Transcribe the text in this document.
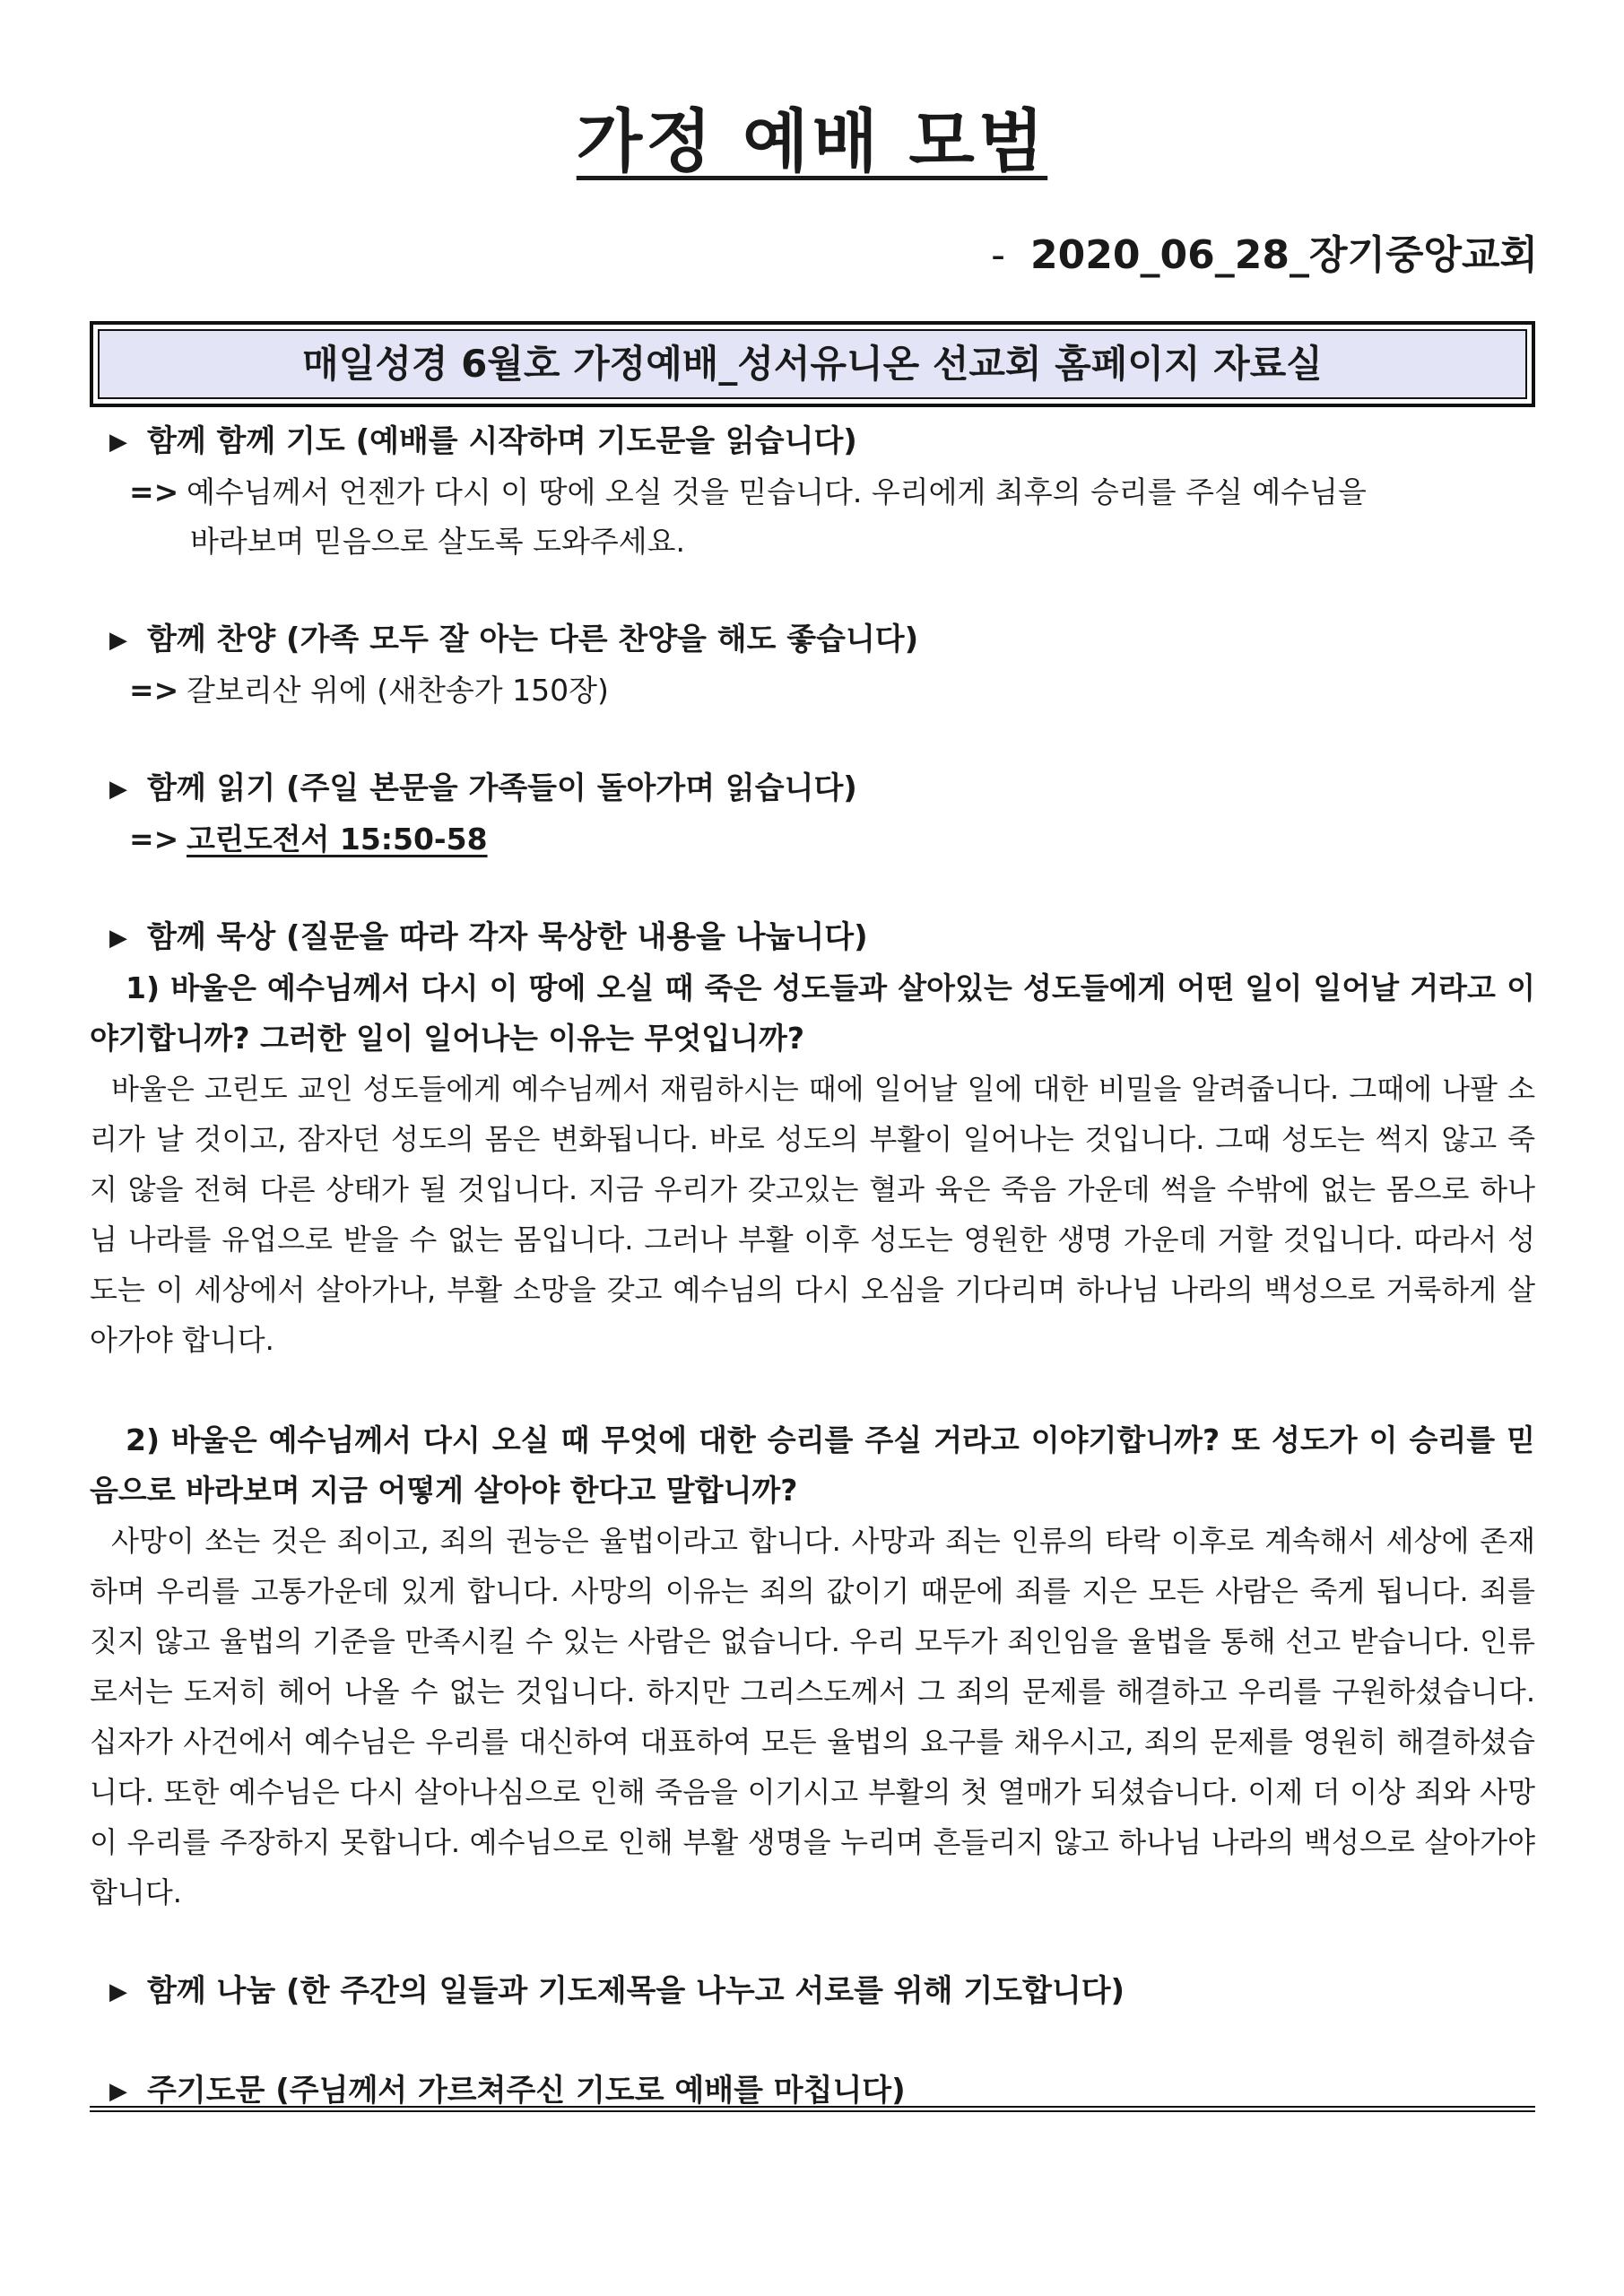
가정 예배 모범
- 2020_06_28_장기중앙교회
매일성경 6월호 가정예배_성서유니온 선교회 홈페이지 자료실
▶ 함께 함께 기도 (예배를 시작하며 기도문을 읽습니다)
=> 예수님께서 언젠가 다시 이 땅에 오실 것을 믿습니다. 우리에게 최후의 승리를 주실 예수님을
바라보며 믿음으로 살도록 도와주세요.
▶ 함께 찬양 (가족 모두 잘 아는 다른 찬양을 해도 좋습니다)
=> 갈보리산 위에 (새찬송가 150장)
▶ 함께 읽기 (주일 본문을 가족들이 돌아가며 읽습니다)
=> 고린도전서 15:50-58
▶ 함께 묵상 (질문을 따라 각자 묵상한 내용을 나눕니다)
1) 바울은 예수님께서 다시 이 땅에 오실 때 죽은 성도들과 살아있는 성도들에게 어떤 일이 일어날 거라고 이야기합니까? 그러한 일이 일어나는 이유는 무엇입니까?
바울은 고린도 교인 성도들에게 예수님께서 재림하시는 때에 일어날 일에 대한 비밀을 알려줍니다. 그때에 나팔 소리가 날 것이고, 잠자던 성도의 몸은 변화됩니다. 바로 성도의 부활이 일어나는 것입니다. 그때 성도는 썩지 않고 죽지 않을 전혀 다른 상태가 될 것입니다. 지금 우리가 갖고있는 혈과 육은 죽음 가운데 썩을 수밖에 없는 몸으로 하나님 나라를 유업으로 받을 수 없는 몸입니다. 그러나 부활 이후 성도는 영원한 생명 가운데 거할 것입니다. 따라서 성도는 이 세상에서 살아가나, 부활 소망을 갖고 예수님의 다시 오심을 기다리며 하나님 나라의 백성으로 거룩하게 살아가야 합니다.
2) 바울은 예수님께서 다시 오실 때 무엇에 대한 승리를 주실 거라고 이야기합니까? 또 성도가 이 승리를 믿음으로 바라보며 지금 어떻게 살아야 한다고 말합니까?
사망이 쏘는 것은 죄이고, 죄의 권능은 율법이라고 합니다. 사망과 죄는 인류의 타락 이후로 계속해서 세상에 존재하며 우리를 고통가운데 있게 합니다. 사망의 이유는 죄의 값이기 때문에 죄를 지은 모든 사람은 죽게 됩니다. 죄를 짓지 않고 율법의 기준을 만족시킬 수 있는 사람은 없습니다. 우리 모두가 죄인임을 율법을 통해 선고 받습니다. 인류로서는 도저히 헤어 나올 수 없는 것입니다. 하지만 그리스도께서 그 죄의 문제를 해결하고 우리를 구원하셨습니다. 십자가 사건에서 예수님은 우리를 대신하여 대표하여 모든 율법의 요구를 채우시고, 죄의 문제를 영원히 해결하셨습니다. 또한 예수님은 다시 살아나심으로 인해 죽음을 이기시고 부활의 첫 열매가 되셨습니다. 이제 더 이상 죄와 사망이 우리를 주장하지 못합니다. 예수님으로 인해 부활 생명을 누리며 흔들리지 않고 하나님 나라의 백성으로 살아가야 합니다.
▶ 함께 나눔 (한 주간의 일들과 기도제목을 나누고 서로를 위해 기도합니다)
▶ 주기도문 (주님께서 가르쳐주신 기도로 예배를 마칩니다)
